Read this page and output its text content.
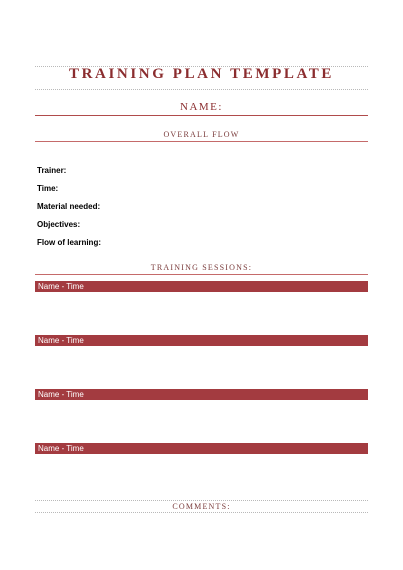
TRAINING PLAN TEMPLATE
NAME:
OVERALL FLOW
Trainer:
Time:
Material needed:
Objectives:
Flow of learning:
TRAINING SESSIONS:
Name - Time
Name - Time
Name - Time
Name - Time
COMMENTS:
